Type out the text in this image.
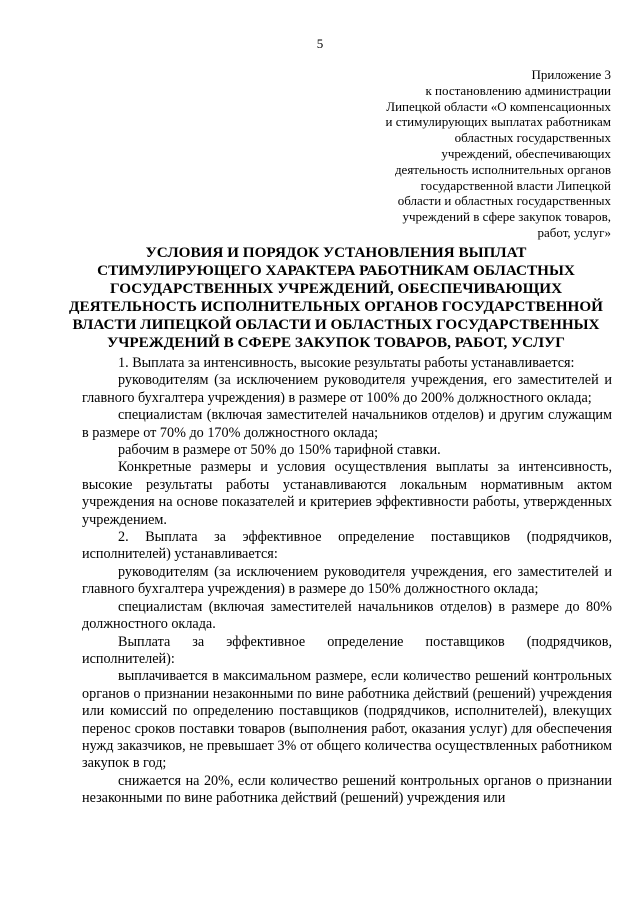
5
Приложение 3
к постановлению администрации
Липецкой области «О компенсационных
и стимулирующих выплатах работникам
областных государственных
учреждений, обеспечивающих
деятельность исполнительных органов
государственной власти Липецкой
области и областных государственных
учреждений в сфере закупок товаров,
работ, услуг»
УСЛОВИЯ И ПОРЯДОК УСТАНОВЛЕНИЯ ВЫПЛАТ
СТИМУЛИРУЮЩЕГО ХАРАКТЕРА РАБОТНИКАМ ОБЛАСТНЫХ
ГОСУДАРСТВЕННЫХ УЧРЕЖДЕНИЙ, ОБЕСПЕЧИВАЮЩИХ
ДЕЯТЕЛЬНОСТЬ ИСПОЛНИТЕЛЬНЫХ ОРГАНОВ ГОСУДАРСТВЕННОЙ
ВЛАСТИ ЛИПЕЦКОЙ ОБЛАСТИ И ОБЛАСТНЫХ ГОСУДАРСТВЕННЫХ
УЧРЕЖДЕНИЙ В СФЕРЕ ЗАКУПОК ТОВАРОВ, РАБОТ, УСЛУГ

1. Выплата за интенсивность, высокие результаты работы устанавливается:

руководителям (за исключением руководителя учреждения, его заместителей и главного бухгалтера учреждения) в размере от 100% до 200% должностного оклада;

специалистам (включая заместителей начальников отделов) и другим служащим в размере от 70% до 170% должностного оклада;

рабочим в размере от 50% до 150% тарифной ставки.

Конкретные размеры и условия осуществления выплаты за интенсивность, высокие результаты работы устанавливаются локальным нормативным актом учреждения на основе показателей и критериев эффективности работы, утвержденных учреждением.

2. Выплата за эффективное определение поставщиков (подрядчиков, исполнителей) устанавливается:

руководителям (за исключением руководителя учреждения, его заместителей и главного бухгалтера учреждения) в размере до 150% должностного оклада;

специалистам (включая заместителей начальников отделов) в размере до 80% должностного оклада.

Выплата за эффективное определение поставщиков (подрядчиков, исполнителей):

выплачивается в максимальном размере, если количество решений контрольных органов о признании незаконными по вине работника действий (решений) учреждения или комиссий по определению поставщиков (подрядчиков, исполнителей), влекущих перенос сроков поставки товаров (выполнения работ, оказания услуг) для обеспечения нужд заказчиков, не превышает 3% от общего количества осуществленных работником закупок в год;

снижается на 20%, если количество решений контрольных органов о признании незаконными по вине работника действий (решений) учреждения или
